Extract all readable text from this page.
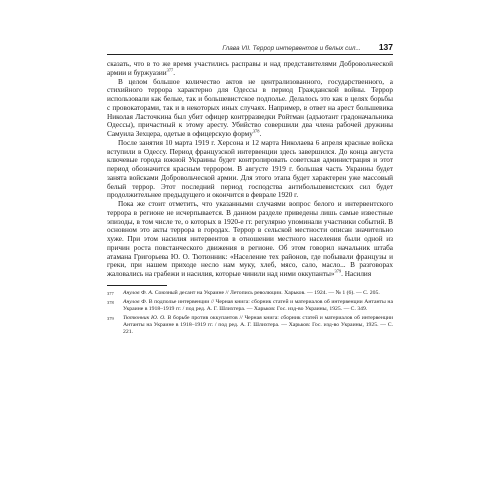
Глава VII. Террор интервентов и белых сил... 137

сказать, что в то же время участились расправы и над представителями Добровольческой армии и буржуазии$^{377}$.

В целом большое количество актов не централизованного, государственного, а стихийного террора характерно для Одессы в период Гражданской войны. Террор использовали как белые, так и большевистское подполье. Делалось это как в целях борьбы с провокаторами, так и в некоторых иных случаях. Например, в ответ на арест большевика Николая Ласточкина был убит офицер контрразведки Ройтман (адъютант градоначальника Одессы), причастный к этому аресту. Убийство совершили два члена рабочей дружины Самуила Зехцера, одетые в офицерскую форму$^{378}$.

После занятия 10 марта 1919 г. Херсона и 12 марта Николаева 6 апреля красные войска вступили в Одессу. Период французской интервенции здесь завершился. До конца августа ключевые города южной Украины будет контролировать советская администрация и этот период обозначится красным террором. В августе 1919 г. большая часть Украины будет занята войсками Добровольческой армии. Для этого этапа будет характерен уже массовый белый террор. Этот последний период господства антибольшевистских сил будет продолжительнее предыдущего и окончится в феврале 1920 г.

Пока же стоит отметить, что указанными случаями вопрос белого и интервентского террора в регионе не исчерпывается. В данном разделе приведены лишь самые известные эпизоды, в том числе те, о которых в 1920-е гг. регулярно упоминали участники событий. В основном это акты террора в городах. Террор в сельской местности описан значительно хуже. При этом насилия интервентов в отношении местного населения были одной из причин роста повстанческого движения в регионе. Об этом говорил начальник штаба атамана Григорьева Ю. О. Тютюнник: «Население тех районов, где побывали французы и греки, при нашем приходе несло нам муку, хлеб, мясо, сало, масло... В разговорах жаловались на грабежи и насилия, которые чинили над ними оккупанты»$^{379}$. Насилия

377	Анулов Ф. А. Союзный десант на Украине // Летопись революции. Харьков. — 1924. — № 1 (6). — С. 205.
378	Анулов Ф. В подполье интервенции // Черная книга: сборник статей и материалов об интервенции Антанты на Украине в 1918–1919 гг. / под ред. А. Г. Шлихтера. — Харьков: Гос. изд-во Украины, 1925. — С. 349.
379	Тютюнник Ю. О. В борьбе против оккупантов // Черная книга: сборник статей и материалов об интервенции Антанты на Украине в 1918–1919 гг. / под ред. А. Г. Шлихтера. — Харьков: Гос. изд-во Украины, 1925. — С. 221.
